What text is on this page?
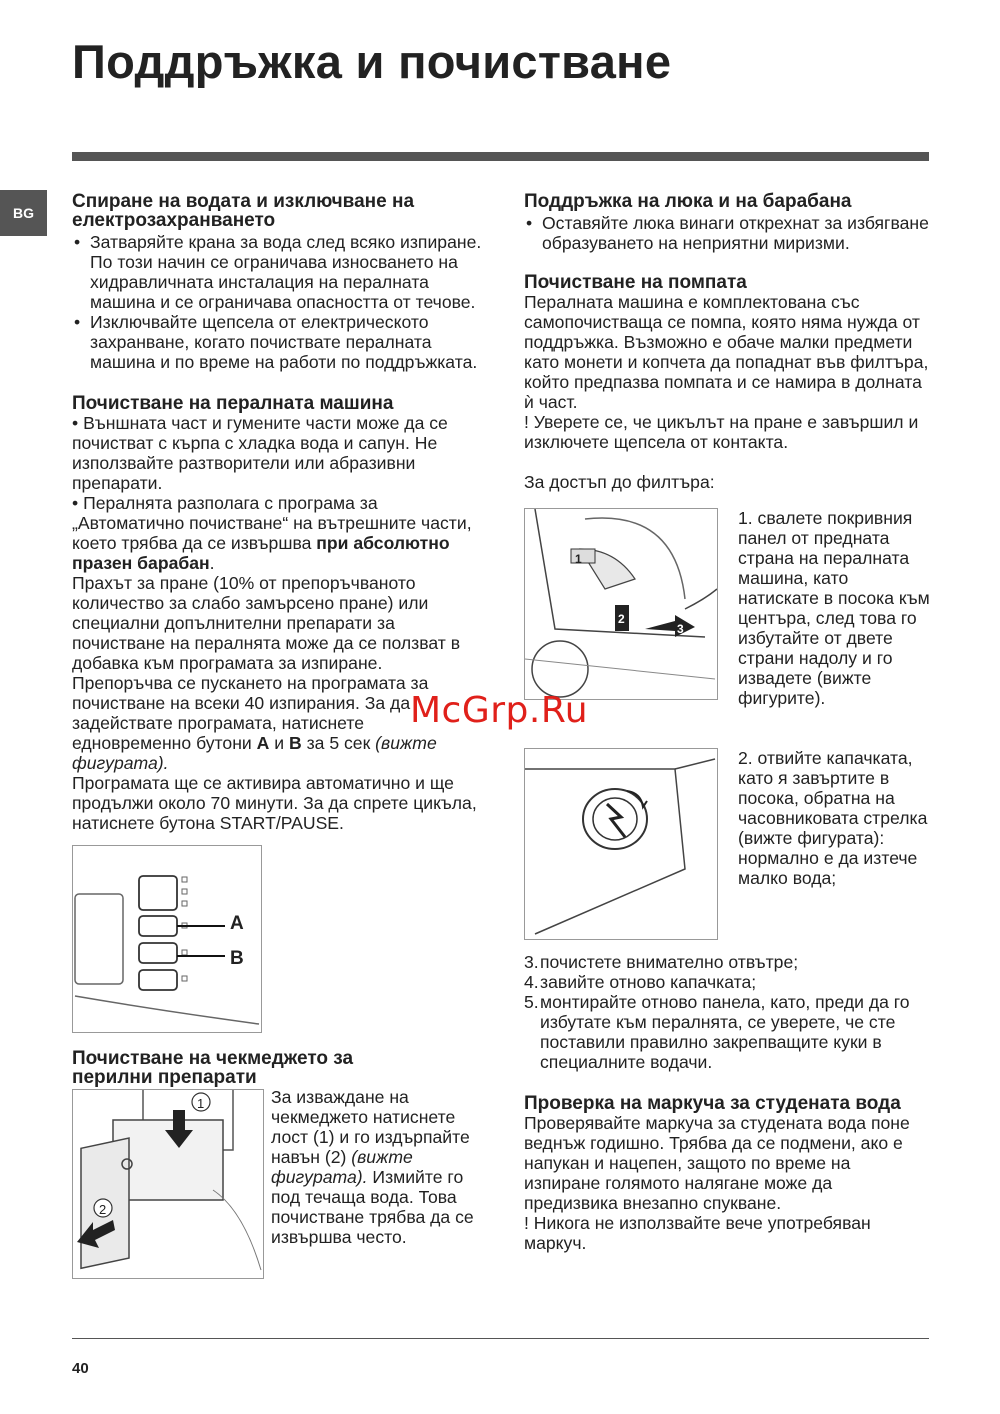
Поддръжка и почистване
BG
Спиране на водата и изключване на електрозахранването
• Затваряйте крана за вода след всяко изпиране. По този начин се ограничава износването на хидравличната инсталация на пералната машина и се ограничава опасността от течове.
• Изключвайте щепсела от електрическото захранване, когато почиствате пералната машина и по време на работи по поддръжката.
Почистване на пералната машина

• Външната част и гумените части може да се почистват с кърпа с хладка вода и сапун. Не използвайте разтворители или абразивни препарати.

• Пералнята разполага с програма за „Автоматично почистване“ на вътрешните части, което трябва да се извършва при абсолютно празен барабан.

Прахът за пране (10% от препоръчваното количество за слабо замърсено пране) или специални допълнителни препарати за почистване на пералнята може да се ползват в добавка към програмата за изпиране. Препоръчва се пускането на програмата за почистване на всеки 40 изпирания. За да задействате програмата, натиснете едновременно бутони A и B за 5 сек (вижте фигурата).

Програмата ще се активира автоматично и ще продължи около 70 минути. За да спрете цикъла, натиснете бутона START/PAUSE.

A
B
Почистване на чекмеджето за перилни препарати
1
2

За изваждане на чекмеджето натиснете лост (1) и го издърпайте навън (2) (вижте фигурата). Измийте го под течаща вода. Това почистване трябва да се извършва често.

Поддръжка на люка и на барабана
• Оставяйте люка винаги открехнат за избягване образуването на неприятни миризми.
Почистване на помпата

Пералната машина е комплектована със самопочистваща се помпа, която няма нужда от поддръжка. Възможно е обаче малки предмети като монети и копчета да попаднат във филтъра, който предпазва помпата и се намира в долната ѝ част.

! Уверете се, че цикълът на пране е завършил и изключете щепсела от контакта.

За достъп до филтъра:

1
2
3

1. свалете покривния панел от предната страна на пералната машина, като натискате в посока към центъра, след това го избутайте от двете страни надолу и го извадете (вижте фигурите).

2. отвийте капачката, като я завъртите в посока, обратна на часовниковата стрелка (вижте фигурата): нормално е да изтече малко вода;

3. почистете внимателно отвътре;
4. завийте отново капачката;
5. монтирайте отново панела, като, преди да го избутате към пералнята, се уверете, че сте поставили правилно закрепващите куки в специалните водачи.
Проверка на маркуча за студената вода

Проверявайте маркуча за студената вода поне веднъж годишно. Трябва да се подмени, ако е напукан и нацепен, защото по време на изпиране голямото налягане може да предизвика внезапно спукване.

! Никога не използвайте вече употребяван маркуч.

McGrp.Ru
40
